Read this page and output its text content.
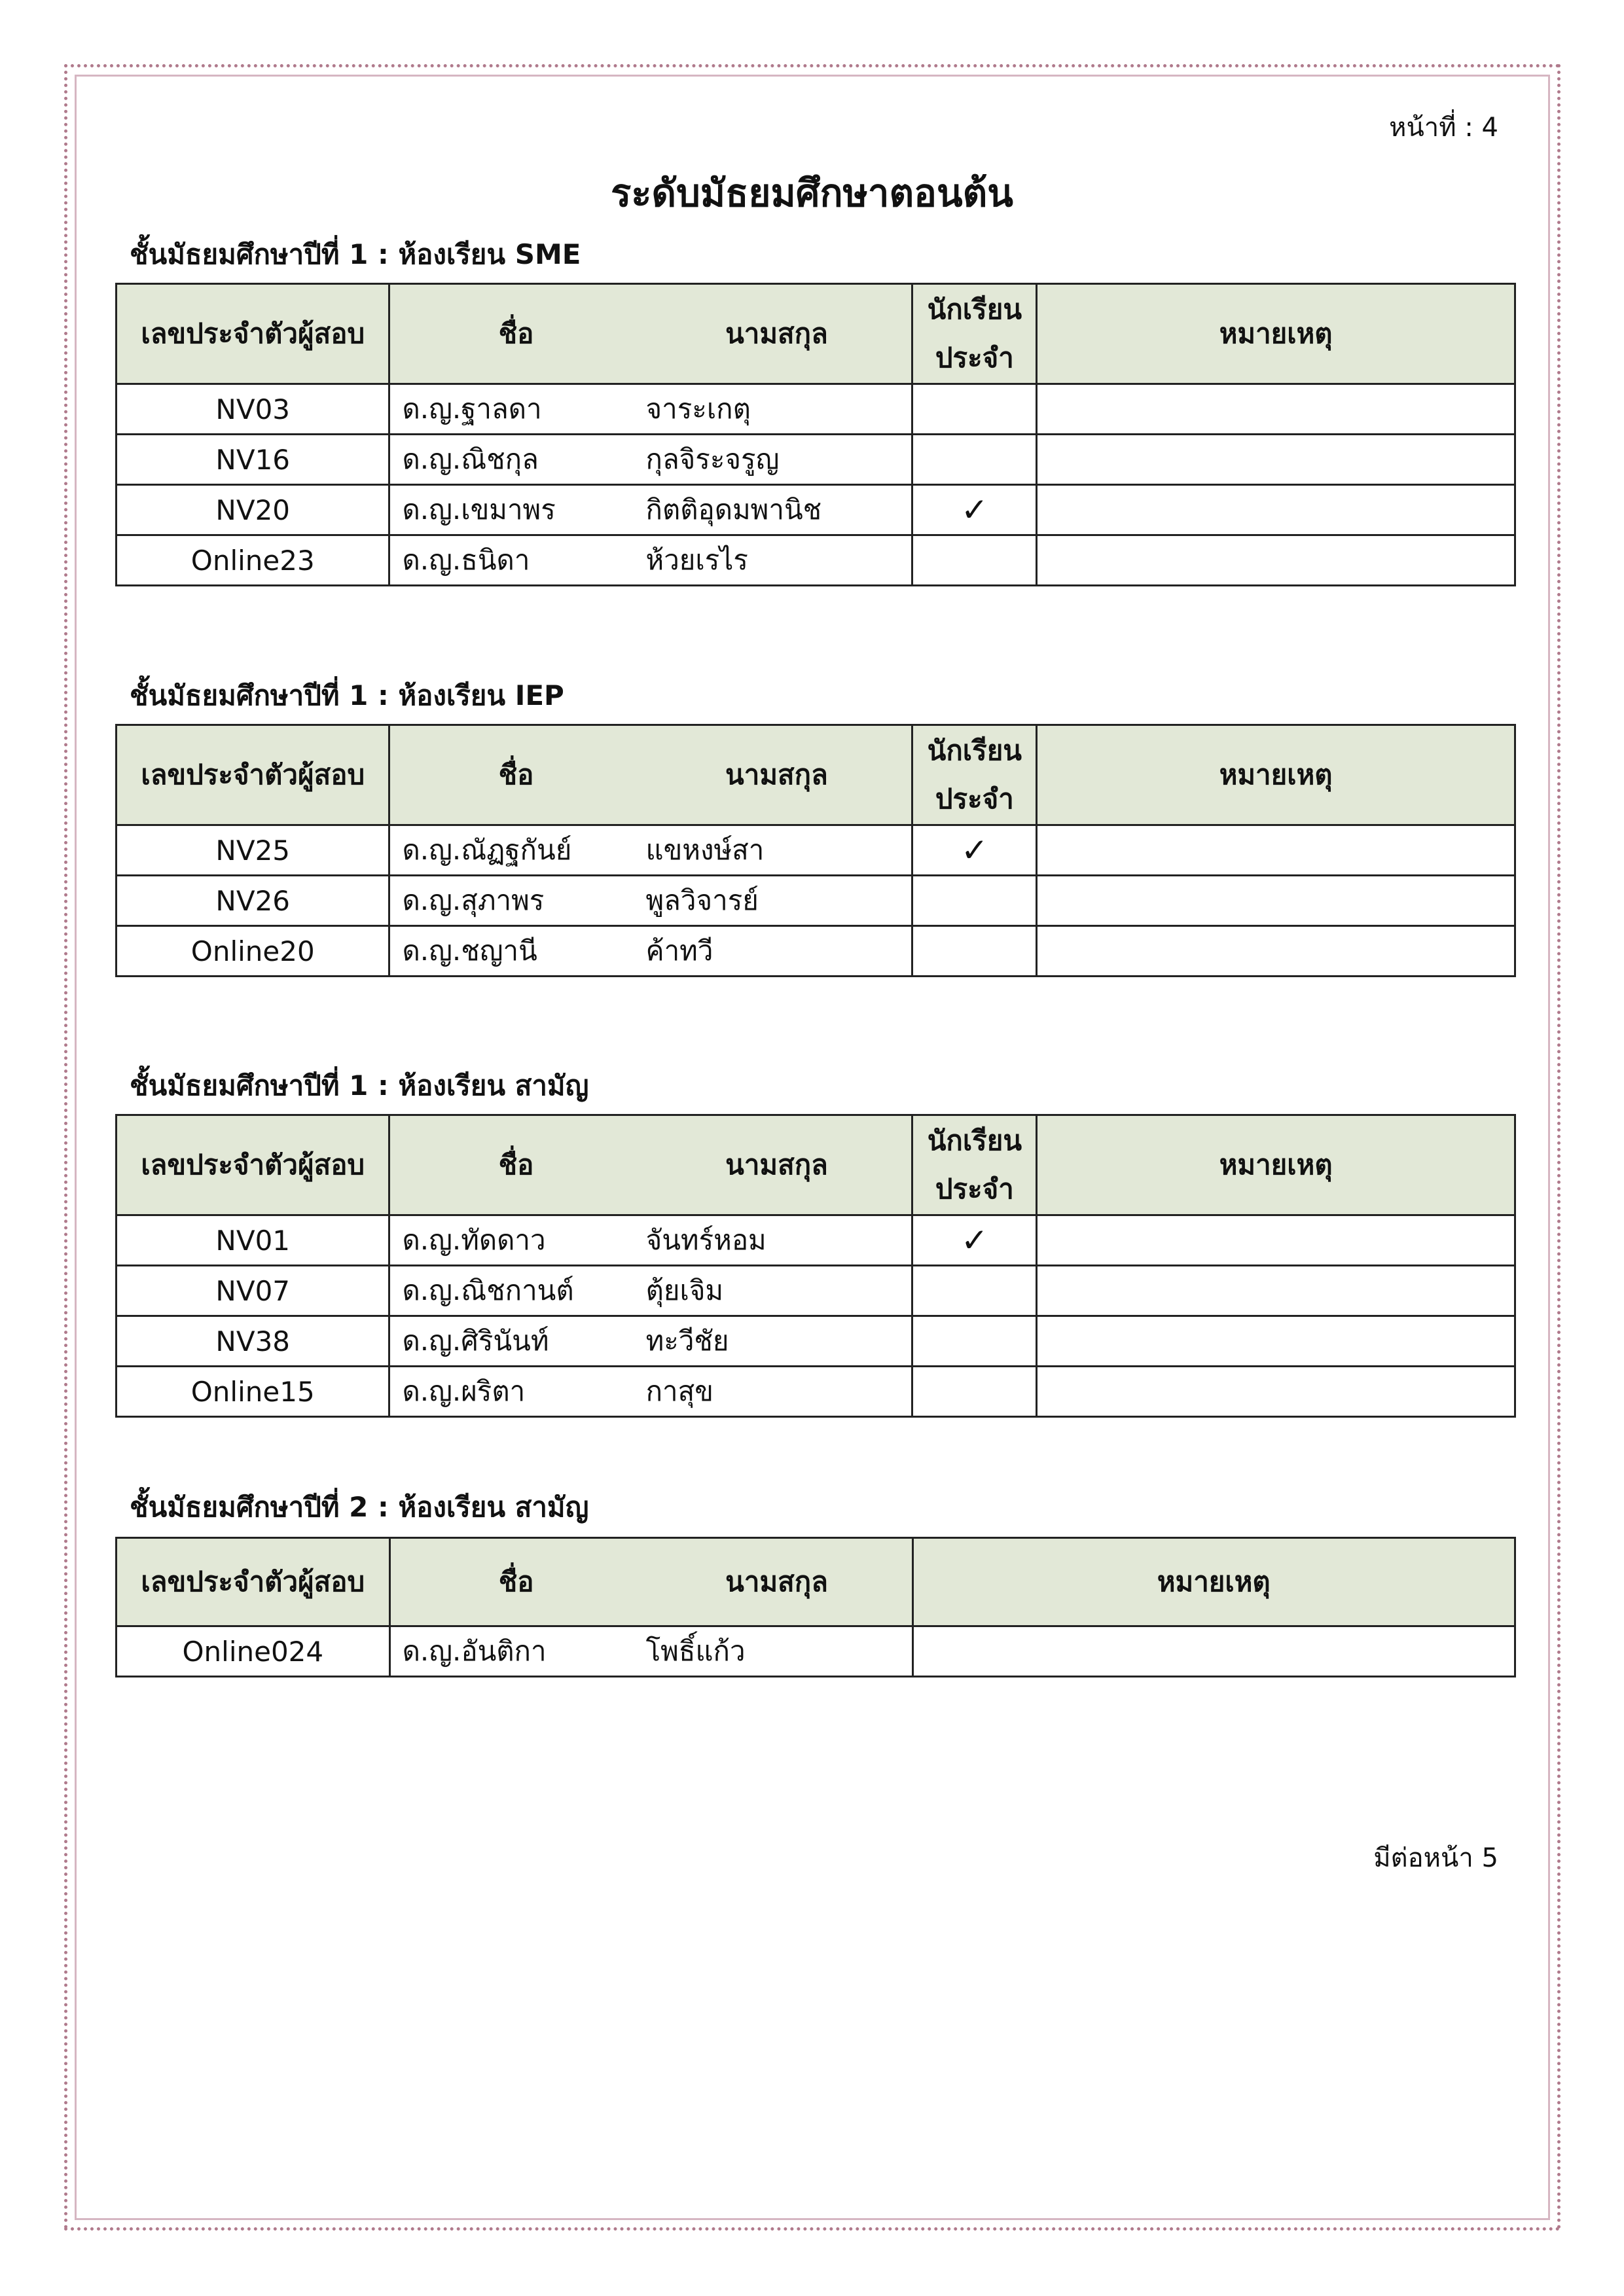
หน้าที่ : 4
ระดับมัธยมศึกษาตอนต้น
ชั้นมัธยมศึกษาปีที่ 1 : ห้องเรียน SME
เลขประจำตัวผู้สอบ	ชื่อ	นามสกุล	นักเรียน
ประจำ	หมายเหตุ
NV03	ด.ญ.ฐาลดา	จาระเกตุ		
NV16	ด.ญ.ณิชกุล	กุลจิระจรูญ		
NV20	ด.ญ.เขมาพร	กิตติอุดมพานิช	✓	
Online23	ด.ญ.ธนิดา	ห้วยเรไร		
ชั้นมัธยมศึกษาปีที่ 1 : ห้องเรียน IEP
เลขประจำตัวผู้สอบ	ชื่อ	นามสกุล	นักเรียน
ประจำ	หมายเหตุ
NV25	ด.ญ.ณัฏฐกันย์	แขหงษ์สา	✓	
NV26	ด.ญ.สุภาพร	พูลวิจารย์		
Online20	ด.ญ.ชญานี	ค้าทวี		
ชั้นมัธยมศึกษาปีที่ 1 : ห้องเรียน สามัญ
เลขประจำตัวผู้สอบ	ชื่อ	นามสกุล	นักเรียน
ประจำ	หมายเหตุ
NV01	ด.ญ.ทัดดาว	จันทร์หอม	✓	
NV07	ด.ญ.ณิชกานต์	ตุ้ยเจิม		
NV38	ด.ญ.ศิรินันท์	ทะวีชัย		
Online15	ด.ญ.ผริตา	กาสุข		
ชั้นมัธยมศึกษาปีที่ 2 : ห้องเรียน สามัญ
เลขประจำตัวผู้สอบ	ชื่อ	นามสกุล	หมายเหตุ
Online024	ด.ญ.อันติกา	โพธิ์แก้ว	
มีต่อหน้า 5
